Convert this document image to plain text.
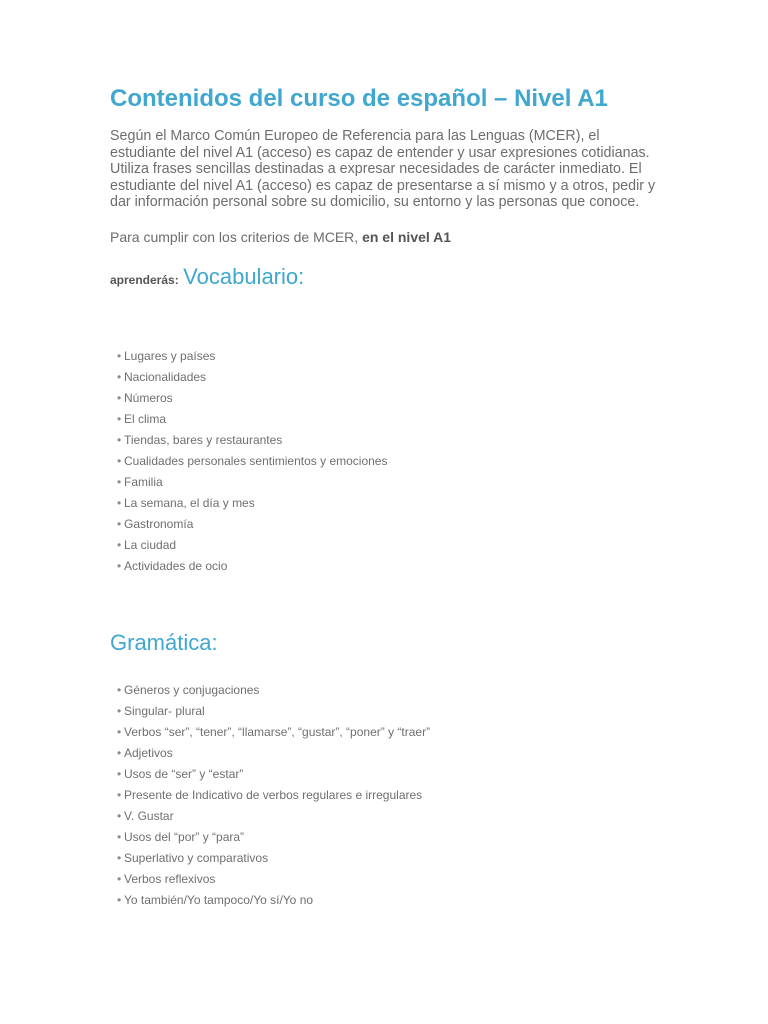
Contenidos del curso de español – Nivel A1

Según el Marco Común Europeo de Referencia para las Lenguas (MCER), el estudiante del nivel A1 (acceso) es capaz de entender y usar expresiones cotidianas. Utiliza frases sencillas destinadas a expresar necesidades de carácter inmediato. El estudiante del nivel A1 (acceso) es capaz de presentarse a sí mismo y a otros, pedir y dar información personal sobre su domicilio, su entorno y las personas que conoce.

Para cumplir con los criterios de MCER, en el nivel A1

aprenderás: Vocabulario:
• Lugares y países
• Nacionalidades
• Números
• El clima
• Tiendas, bares y restaurantes
• Cualidades personales sentimientos y emociones
• Familia
• La semana, el día y mes
• Gastronomía
• La ciudad
• Actividades de ocio
Gramática:
• Géneros y conjugaciones
• Singular- plural
• Verbos “ser”, “tener”, “llamarse”, “gustar”, “poner” y “traer”
• Adjetivos
• Usos de “ser” y “estar”
• Presente de Indicativo de verbos regulares e irregulares
• V. Gustar
• Usos del “por” y “para”
• Superlativo y comparativos
• Verbos reflexivos
• Yo también/Yo tampoco/Yo sí/Yo no
